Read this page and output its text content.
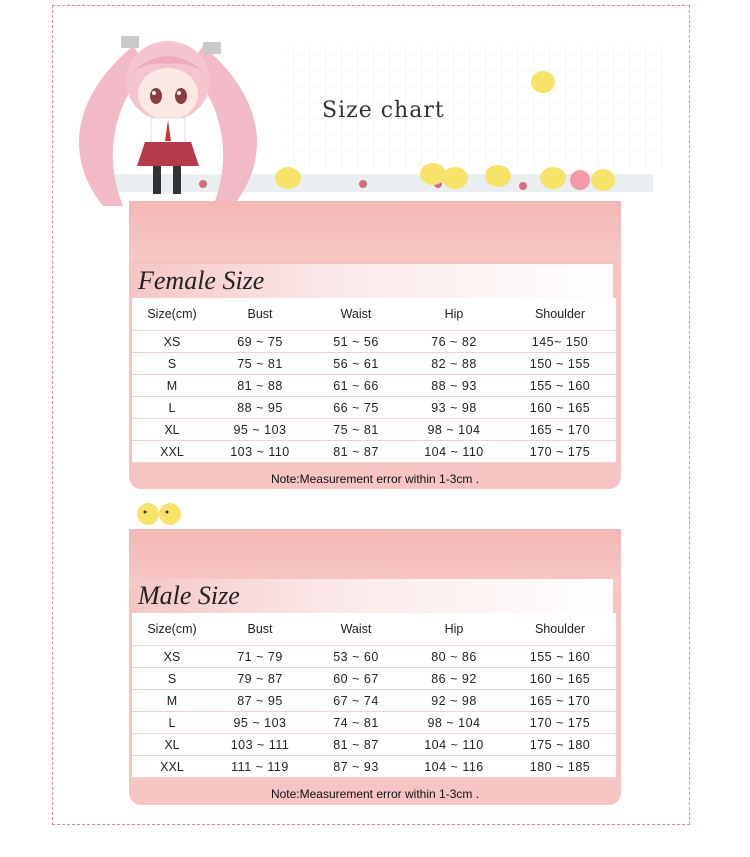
Size chart
Female Size
Size(cm)	Bust	Waist	Hip	Shoulder
XS	69 ~ 75	51 ~ 56	76 ~ 82	145~ 150
S	75 ~ 81	56 ~ 61	82 ~ 88	150 ~ 155
M	81 ~ 88	61 ~ 66	88 ~ 93	155 ~ 160
L	88 ~ 95	66 ~ 75	93 ~ 98	160 ~ 165
XL	95 ~ 103	75 ~ 81	98 ~ 104	165 ~ 170
XXL	103 ~ 110	81 ~ 87	104 ~ 110	170 ~ 175
Note:Measurement error within 1-3cm .
Male Size
Size(cm)	Bust	Waist	Hip	Shoulder
XS	71 ~ 79	53 ~ 60	80 ~ 86	155 ~ 160
S	79 ~ 87	60 ~ 67	86 ~ 92	160 ~ 165
M	87 ~ 95	67 ~ 74	92 ~ 98	165 ~ 170
L	95 ~ 103	74 ~ 81	98 ~ 104	170 ~ 175
XL	103 ~ 111	81 ~ 87	104 ~ 110	175 ~ 180
XXL	111 ~ 119	87 ~ 93	104 ~ 116	180 ~ 185
Note:Measurement error within 1-3cm .
